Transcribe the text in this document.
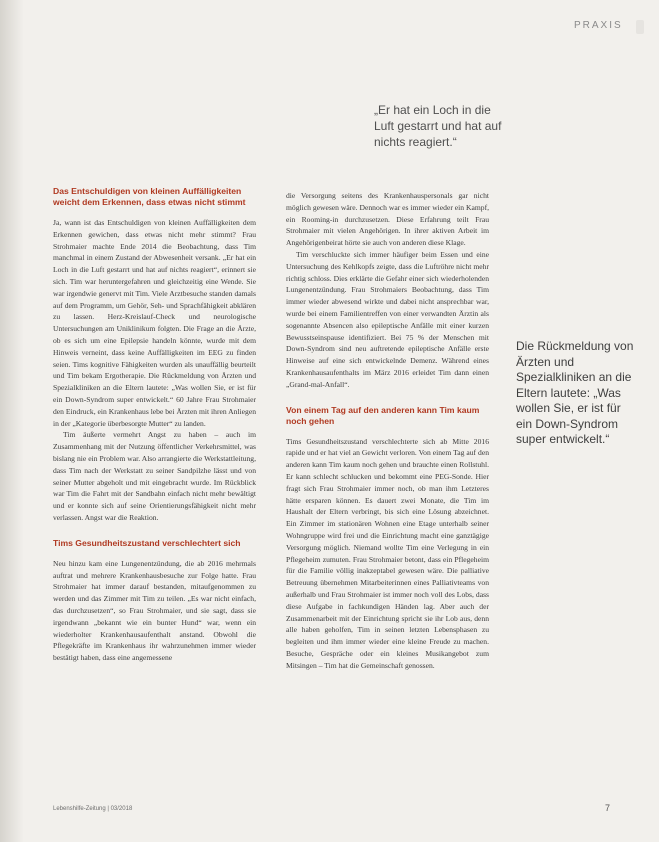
PRAXIS

„Er hat ein Loch in die Luft gestarrt und hat auf nichts reagiert.“

Das Entschuldigen von kleinen Auffälligkeiten weicht dem Erkennen, dass etwas nicht stimmt

Ja, wann ist das Entschuldigen von kleinen Auffälligkeiten dem Erkennen gewichen, dass etwas nicht mehr stimmt? Frau Strohmaier machte Ende 2014 die Beobachtung, dass Tim manchmal in einem Zustand der Abwesenheit versank. „Er hat ein Loch in die Luft gestarrt und hat auf nichts reagiert“, erinnert sie sich. Tim war heruntergefahren und gleichzeitig eine Wende. Sie war irgendwie genervt mit Tim. Viele Arztbesuche standen damals auf dem Programm, um Gehör, Seh- und Sprachfähigkeit abklären zu lassen. Herz-Kreislauf-Check und neurologische Untersuchungen am Uniklinikum folgten. Die Frage an die Ärzte, ob es sich um eine Epilepsie handeln könnte, wurde mit dem Hinweis verneint, dass keine Auffälligkeiten im EEG zu finden seien. Tims kognitive Fähigkeiten wurden als unauffällig beurteilt und Tim bekam Ergotherapie. Die Rückmeldung von Ärzten und Spezialkliniken an die Eltern lautete: „Was wollen Sie, er ist für ein Down-Syndrom super entwickelt.“ 60 Jahre Frau Strohmaier den Eindruck, ein Krankenhaus lebe bei Ärzten mit ihren Anliegen in der „Kategorie überbesorgte Mutter“ zu landen.

Tim äußerte vermehrt Angst zu haben – auch im Zusammenhang mit der Nutzung öffentlicher Verkehrsmittel, was bislang nie ein Problem war. Also arrangierte die Werkstattleitung, dass Tim nach der Werkstatt zu seiner Sandpilzhe lässt und von seiner Mutter abgeholt und mit eingebracht wurde. Im Rückblick war Tim die Fahrt mit der Sandbahn einfach nicht mehr bewältigt und er konnte sich auf seine Orientierungsfähigkeit nicht mehr verlassen. Angst war die Reaktion.

Tims Gesundheitszustand verschlechtert sich

Neu hinzu kam eine Lungenentzündung, die ab 2016 mehrmals auftrat und mehrere Krankenhausbesuche zur Folge hatte. Frau Strohmaier hat immer darauf bestanden, mitaufgenommen zu werden und das Zimmer mit Tim zu teilen. „Es war nicht einfach, das durchzusetzen“, so Frau Strohmaier, und sie sagt, dass sie irgendwann „bekannt wie ein bunter Hund“ war, wenn ein wiederholter Krankenhausaufenthalt anstand. Obwohl die Pflegekräfte im Krankenhaus ihr wahrzunehmen immer wieder bestätigt haben, dass eine angemessene

die Versorgung seitens des Krankenhauspersonals gar nicht möglich gewesen wäre. Dennoch war es immer wieder ein Kampf, ein Rooming-in durchzusetzen. Diese Erfahrung teilt Frau Strohmaier mit vielen Angehörigen. In ihrer aktiven Arbeit im Angehörigenbeirat hörte sie auch von anderen diese Klage.

Tim verschluckte sich immer häufiger beim Essen und eine Untersuchung des Kehlkopfs zeigte, dass die Luftröhre nicht mehr richtig schloss. Dies erklärte die Gefahr einer sich wiederholenden Lungenentzündung. Frau Strohmaiers Beobachtung, dass Tim immer wieder abwesend wirkte und dabei nicht ansprechbar war, wurde bei einem Familientreffen von einer verwandten Ärztin als sogenannte Absencen also epileptische Anfälle mit einer kurzen Bewusstseinspause identifiziert. Bei 75 % der Menschen mit Down-Syndrom sind neu auftretende epileptische Anfälle erste Hinweise auf eine sich entwickelnde Demenz. Während eines Krankenhausaufenthalts im März 2016 erleidet Tim dann einen „Grand-mal-Anfall“.

Von einem Tag auf den anderen kann Tim kaum noch gehen

Tims Gesundheitszustand verschlechterte sich ab Mitte 2016 rapide und er hat viel an Gewicht verloren. Von einem Tag auf den anderen kann Tim kaum noch gehen und brauchte einen Rollstuhl. Er kann schlecht schlucken und bekommt eine PEG-Sonde. Hier fragt sich Frau Strohmaier immer noch, ob man ihm Letzteres hätte ersparen können. Es dauert zwei Monate, die Tim im Haushalt der Eltern verbringt, bis sich eine Lösung abzeichnet. Ein Zimmer im stationären Wohnen eine Etage unterhalb seiner Wohngruppe wird frei und die Einrichtung macht eine ganztägige Versorgung möglich. Niemand wollte Tim eine Verlegung in ein Pflegeheim zumuten. Frau Strohmaier betont, dass ein Pflegeheim für die Familie völlig inakzeptabel gewesen wäre. Die palliative Betreuung übernehmen Mitarbeiterinnen eines Palliativteams von außerhalb und Frau Strohmaier ist immer noch voll des Lobs, dass diese Aufgabe in fachkundigen Händen lag. Aber auch der Zusammenarbeit mit der Einrichtung spricht sie ihr Lob aus, denn alle haben geholfen, Tim in seinen letzten Lebensphasen zu begleiten und ihm immer wieder eine kleine Freude zu machen. Besuche, Gespräche oder ein kleines Musikangebot zum Mitsingen – Tim hat die Gemeinschaft genossen.

Die Rückmeldung von Ärzten und Spezialkliniken an die Eltern lautete: „Was wollen Sie, er ist für ein Down-Syndrom super entwickelt.“

Lebenshilfe-Zeitung | 03/2018	7
